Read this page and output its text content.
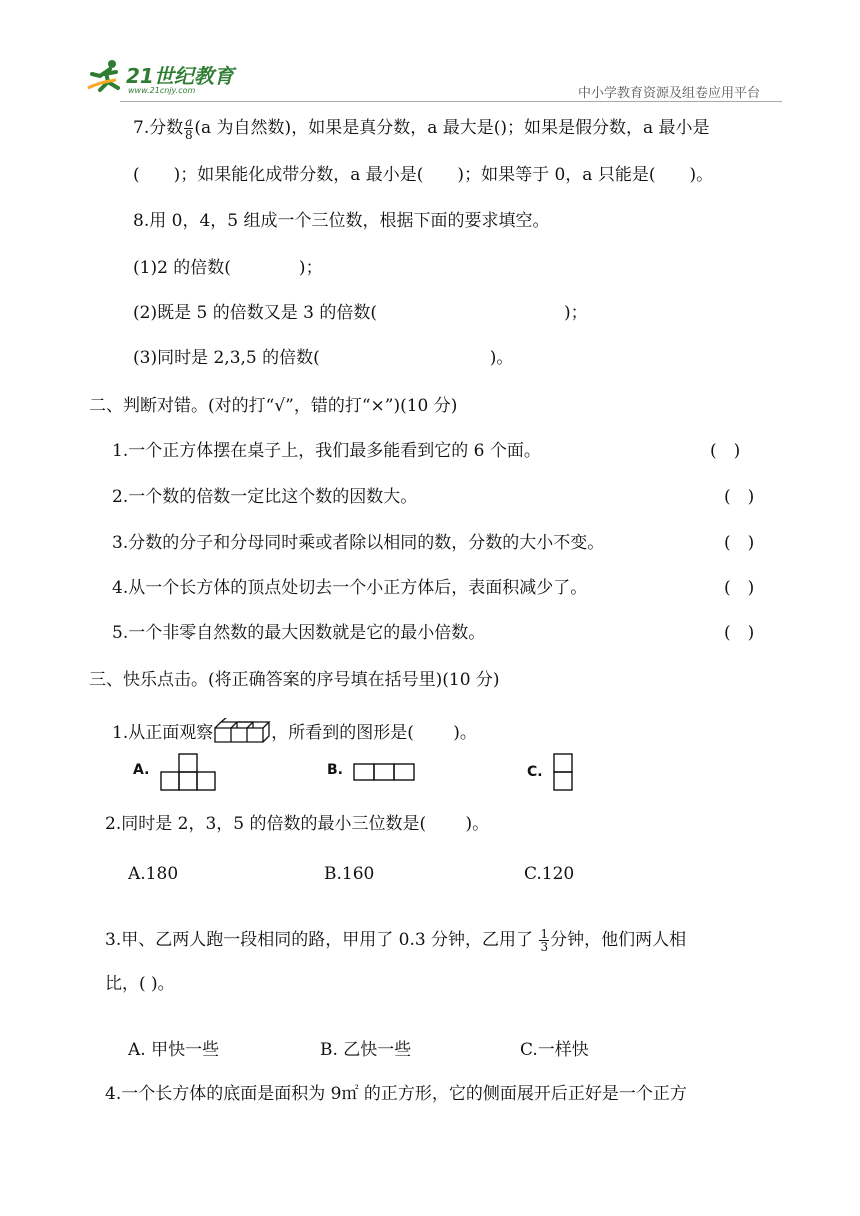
21世纪教育
www.21cnjy.com	中小学教育资源及组卷应用平台
7.分数 $\frac{a}{8} (a$ 为自然数)，如果是真分数，a 最大是()；如果是假分数，a 最小是
(　　)；如果能化成带分数，a 最小是(　　)；如果等于 0，a 只能是(　　)。
8.用 0，4，5 组成一个三位数，根据下面的要求填空。
(1)2 的倍数(　　　　)；
(2)既是 5 的倍数又是 3 的倍数(　　　　　　　　　　　)；
(3)同时是 2,3,5 的倍数(　　　　　　　　　　)。
二、判断对错。(对的打“√”，错的打“×”)(10 分)
1.一个正方体摆在桌子上，我们最多能看到它的 6 个面。	(　)
2.一个数的倍数一定比这个数的因数大。	(　)
3.分数的分子和分母同时乘或者除以相同的数，分数的大小不变。	(　)
4.从一个长方体的顶点处切去一个小正方体后，表面积减少了。	(　)
5.一个非零自然数的最大因数就是它的最小倍数。	(　)
三、快乐点击。(将正确答案的序号填在括号里)(10 分)
1.从正面观察	，所看到的图形是(　　 )。
A.	B.	C.
2.同时是 2，3，5 的倍数的最小三位数是(　　 )。
A.180	B.160	C.120
3.甲、乙两人跑一段相同的路，甲用了 0.3 分钟，乙用了 $\frac{1}{3}$ 分钟，他们两人相
比，( )。
A. 甲快一些	B. 乙快一些	C.一样快
4.一个长方体的底面是面积为 9㎡ 的正方形，它的侧面展开后正好是一个正方
